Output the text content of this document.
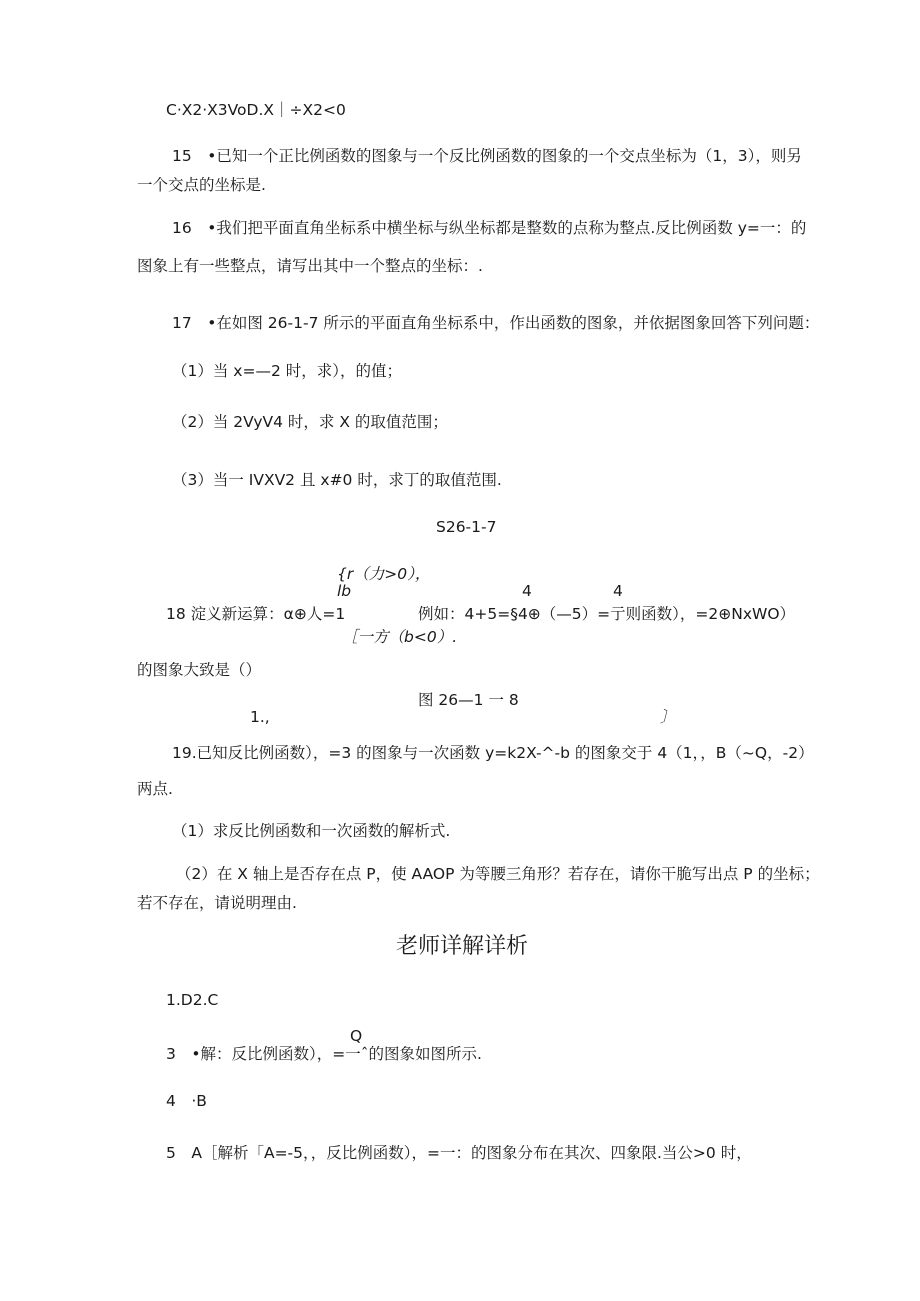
C·X2·X3VoD.X｜÷X2<0
15　•已知一个正比例函数的图象与一个反比例函数的图象的一个交点坐标为（1，3），则另
一个交点的坐标是.
16　•我们把平面直角坐标系中横坐标与纵坐标都是整数的点称为整点.反比例函数 y=一：的
图象上有一些整点，请写出其中一个整点的坐标：.
17　•在如图 26-1-7 所示的平面直角坐标系中，作出函数的图象，并依据图象回答下列问题：
（1）当 x=—2 时，求），的值；
（2）当 2VyV4 时，求 X 的取值范围；
（3）当一 IVXV2 且 x#0 时，求丁的取值范围.
S26-1-7
{r（力>0），
lb	4	4
18 淀义新运算：α⊕人=1	例如：4+5=§4⊕（—5）=亍则函数），=2⊕NxWO）
［一方（b<0）.
的图象大致是（）
图 26—1 一 8
1.,	〕
19.已知反比例函数），=3 的图象与一次函数 y=k2X-^-b 的图象交于 4（1，，B（~Q，-2）
两点.
（1）求反比例函数和一次函数的解析式.
（2）在 X 轴上是否存在点 P，使 AAOP 为等腰三角形？若存在，请你干脆写出点 P 的坐标；
若不存在，请说明理由.
老师详解详析
1.D2.C
Q
3　•解：反比例函数），=一ˆ的图象如图所示.
4　·B
5　A［解析「A=-5，，反比例函数），=一：的图象分布在其次、四象限.当公>0 时，
